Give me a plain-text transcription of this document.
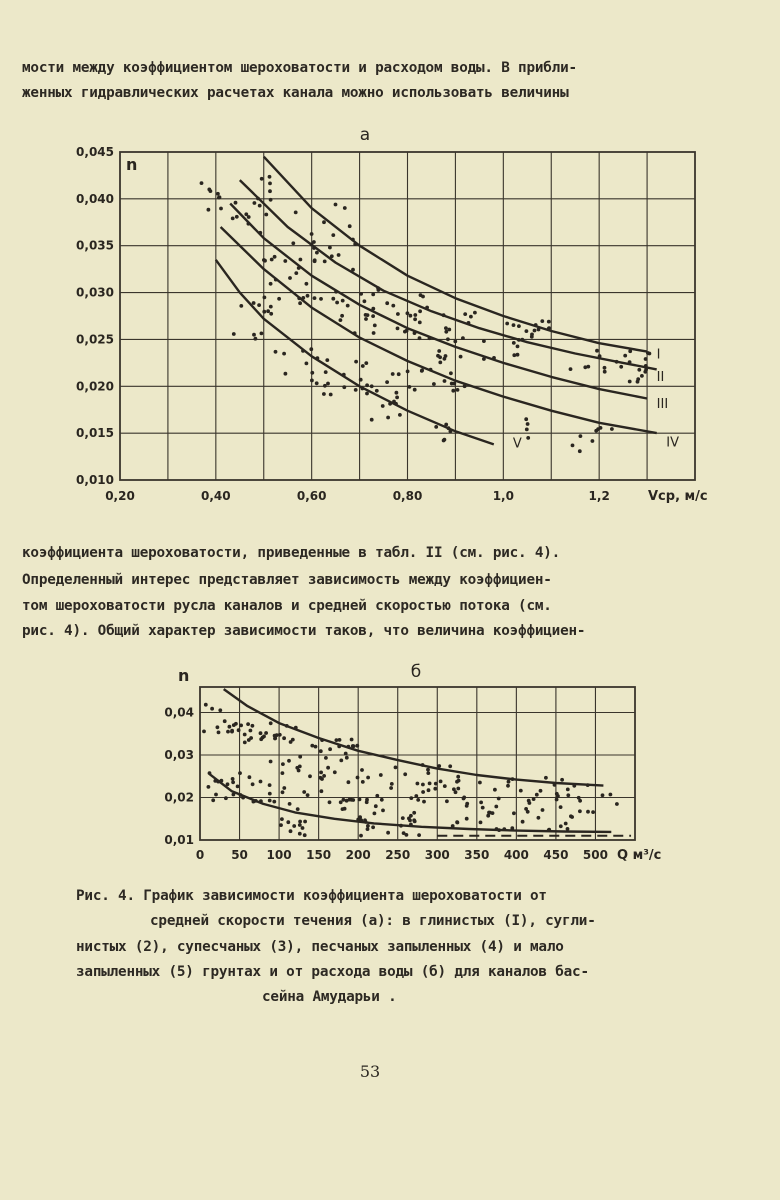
мости между коэффициентом шероховатости и расходом воды. В прибли-
женных гидравлических расчетах канала можно использовать величины
0,010
0,015
0,020
0,025
0,030
0,035
0,040
0,045
0,20	0,40	0,60	0,80	1,0	1,2
а
n
Vср, м/с
I
II
III
IV
V
коэффициента шероховатости, приведенные в табл. II (см. рис. 4).
Определенный интерес представляет зависимость между коэффициен-
том шероховатости русла каналов и средней скоростью потока (см.
рис. 4). Общий характер зависимости таков, что величина коэффициен-
0,01
0,02
0,03
0,04
0 50 100 150 200 250 300 350 400 450 500
б
n
Q м³/с
Рис. 4. График зависимости коэффициента шероховатости от
средней скорости течения (а): в глинистых (I), сугли-
нистых (2), супесчаных (3), песчаных запыленных (4) и мало
запыленных (5) грунтах и от расхода воды (б) для каналов бас-
сейна Амударьи .
53
